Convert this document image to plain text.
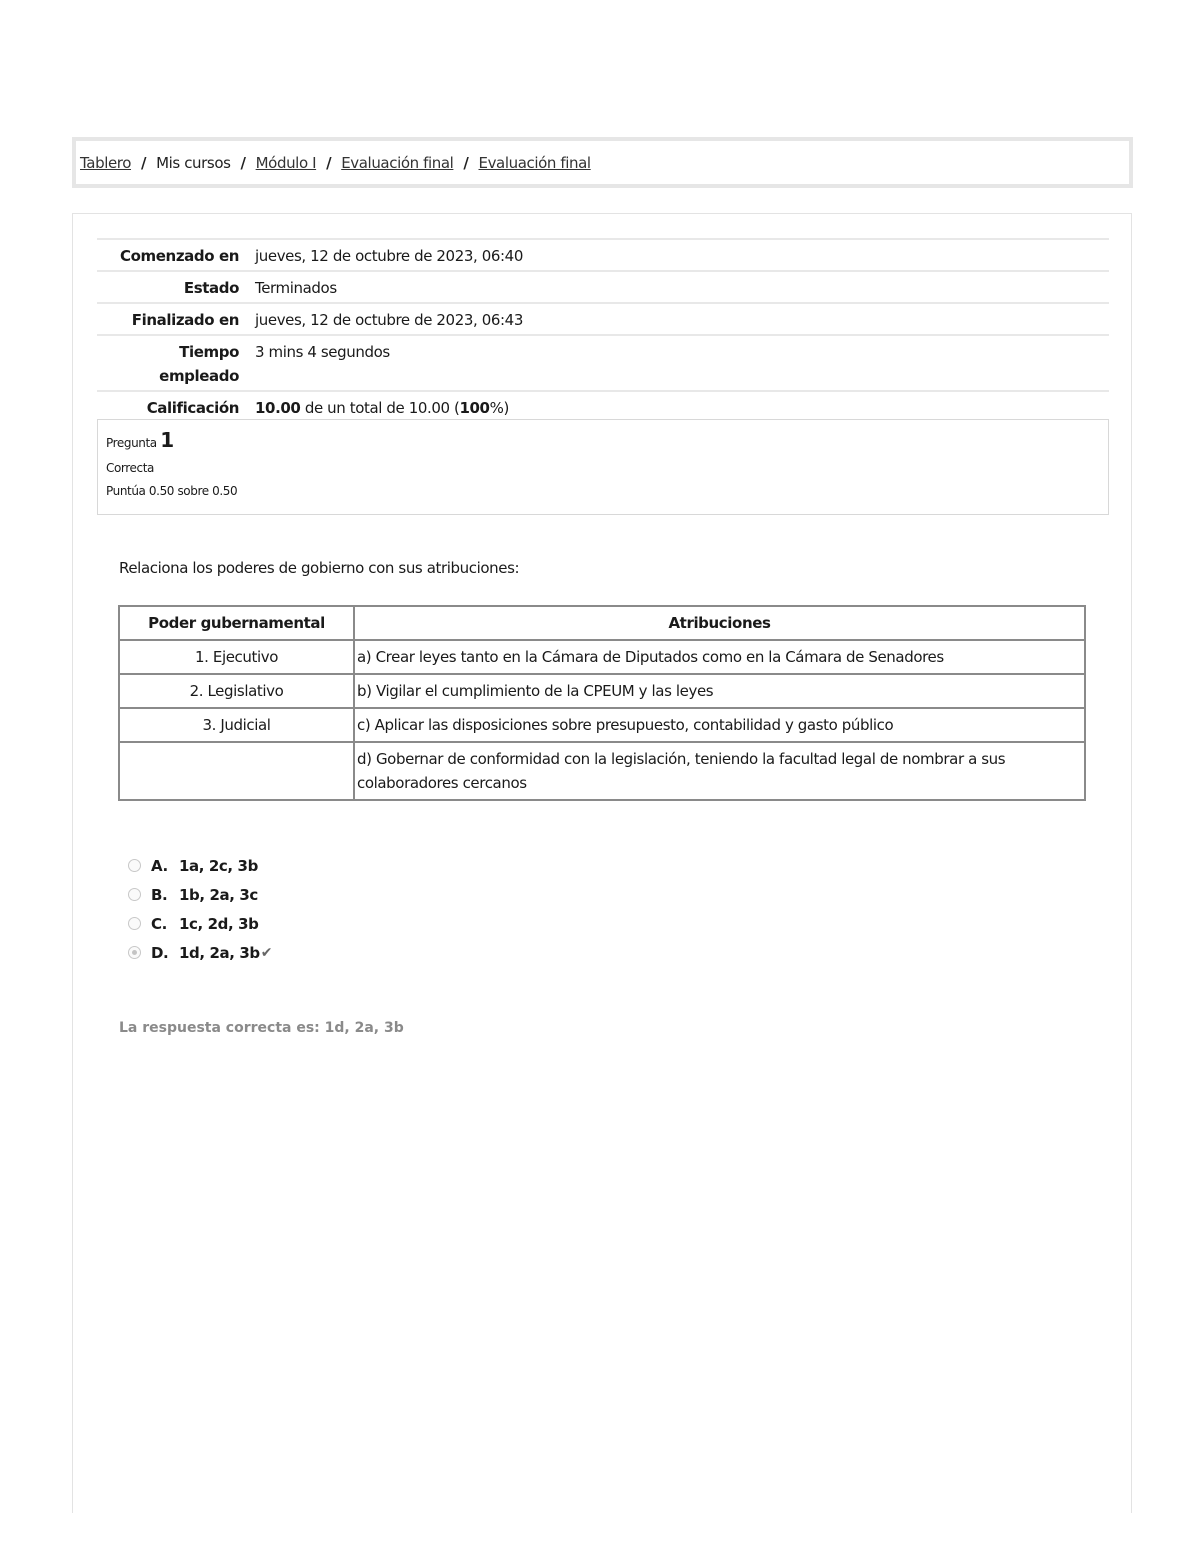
Tablero / Mis cursos / Módulo I / Evaluación final / Evaluación final
Comenzado en	jueves, 12 de octubre de 2023, 06:40
Estado	Terminados
Finalizado en	jueves, 12 de octubre de 2023, 06:43
Tiempo empleado	3 mins 4 segundos
Calificación	10.00 de un total de 10.00 (100%)
Pregunta 1
Correcta
Puntúa 0.50 sobre 0.50
Relaciona los poderes de gobierno con sus atribuciones:
Poder gubernamental	Atribuciones
1. Ejecutivo	a) Crear leyes tanto en la Cámara de Diputados como en la Cámara de Senadores
2. Legislativo	b) Vigilar el cumplimiento de la CPEUM y las leyes
3. Judicial	c) Aplicar las disposiciones sobre presupuesto, contabilidad y gasto público
	d) Gobernar de conformidad con la legislación, teniendo la facultad legal de nombrar a sus colaboradores cercanos
A. 1a, 2c, 3b
B. 1b, 2a, 3c
C. 1c, 2d, 3b
D. 1d, 2a, 3b ✔
La respuesta correcta es: 1d, 2a, 3b
